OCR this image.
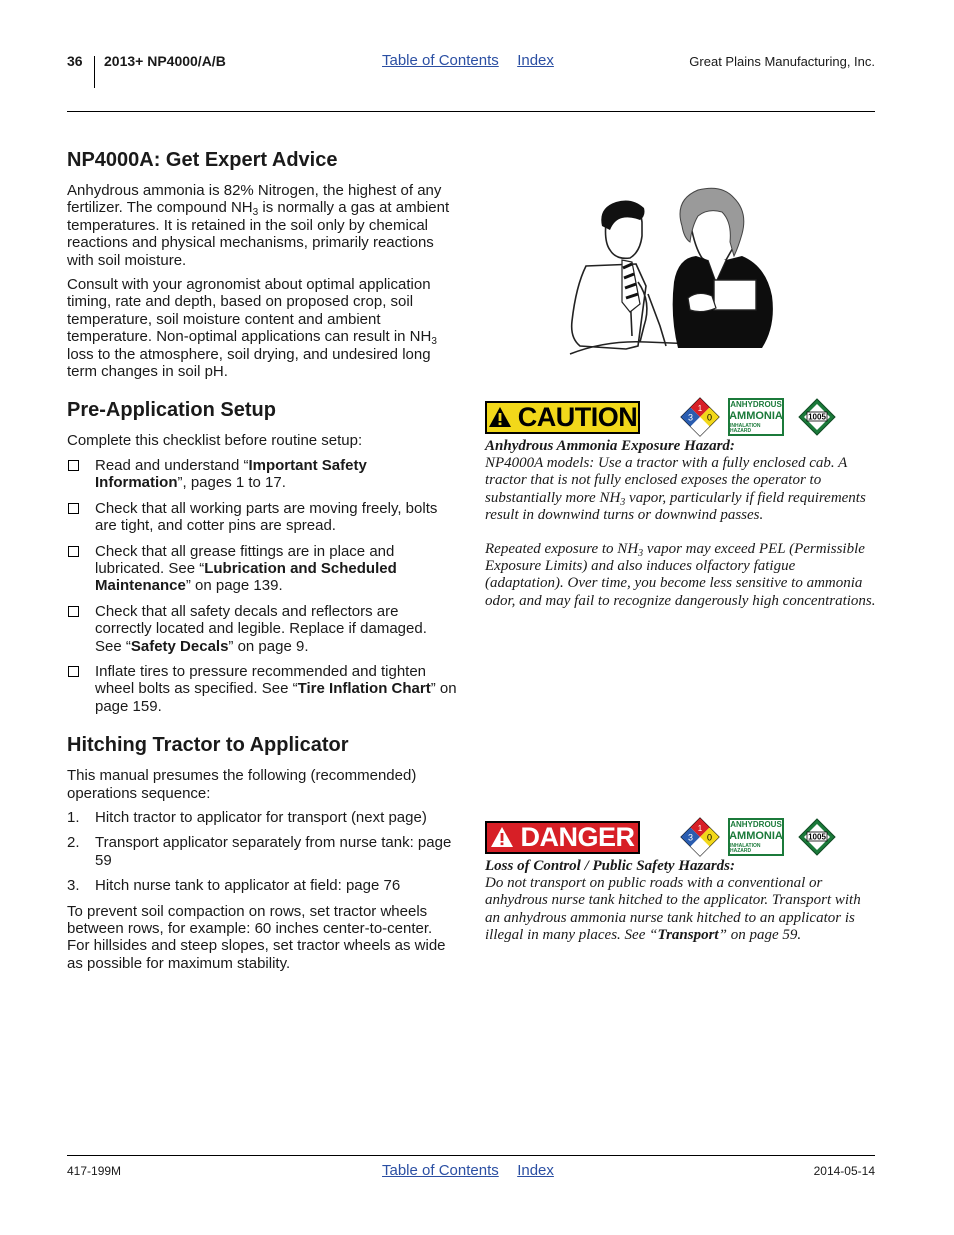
36 2013+ NP4000/A/B	Table of Contents Index	Great Plains Manufacturing, Inc.
NP4000A: Get Expert Advice

Anhydrous ammonia is 82% Nitrogen, the highest of any fertilizer. The compound $NH_3$ is normally a gas at ambient temperatures. It is retained in the soil only by chemical reactions and physical mechanisms, primarily reactions with soil moisture.

Consult with your agronomist about optimal application timing, rate and depth, based on proposed crop, soil temperature, soil moisture content and ambient temperature. Non-optimal applications can result in $NH_3$ loss to the atmosphere, soil drying, and undesired long term changes in soil pH.

Pre-Application Setup

Complete this checklist before routine setup:

Read and understand “Important Safety Information”, pages 1 to 17.
Check that all working parts are moving freely, bolts are tight, and cotter pins are spread.
Check that all grease fittings are in place and lubricated. See “Lubrication and Scheduled Maintenance” on page 139.
Check that all safety decals and reflectors are correctly located and legible. Replace if damaged. See “Safety Decals” on page 9.
Inflate tires to pressure recommended and tighten wheel bolts as specified. See “Tire Inflation Chart” on page 159.
Hitching Tractor to Applicator

This manual presumes the following (recommended) operations sequence:

1. Hitch tractor to applicator for transport (next page)
2. Transport applicator separately from nurse tank: page 59
3. Hitch nurse tank to applicator at field: page 76

To prevent soil compaction on rows, set tractor wheels between rows, for example: 60 inches center-to-center. For hillsides and steep slopes, set tractor wheels as wide as possible for maximum stability.

CAUTION	1
3 0
ANHYDROUS
AMMONIA
INHALATION HAZARD
1005
Anhydrous Ammonia Exposure Hazard:

NP4000A models: Use a tractor with a fully enclosed cab. A tractor that is not fully enclosed exposes the operator to substantially more $NH_3$ vapor, particularly if field requirements result in downwind turns or downwind passes.

Repeated exposure to $NH_3$ vapor may exceed PEL (Permissible Exposure Limits) and also induces olfactory fatigue (adaptation). Over time, you become less sensitive to ammonia odor, and may fail to recognize dangerously high concentrations.

DANGER	1
3 0
ANHYDROUS
AMMONIA
INHALATION HAZARD
1005
Loss of Control / Public Safety Hazards:

Do not transport on public roads with a conventional or anhydrous nurse tank hitched to the applicator. Transport with an anhydrous ammonia nurse tank hitched to an applicator is illegal in many places. See “Transport” on page 59.

417-199M	Table of Contents Index	2014-05-14
